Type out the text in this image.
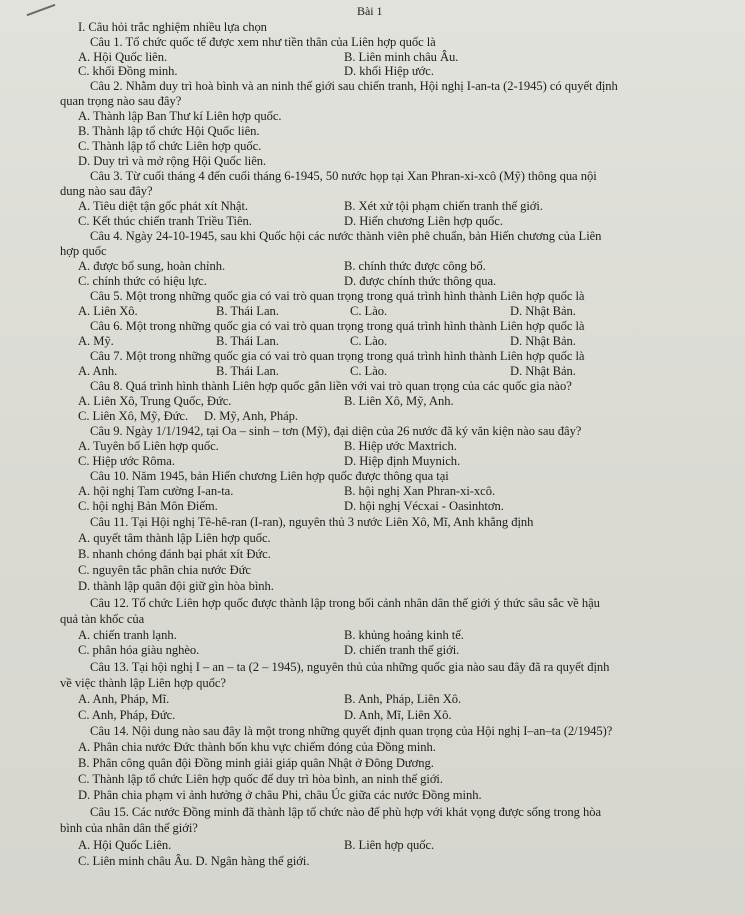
Bài 1
I. Câu hỏi trắc nghiệm nhiều lựa chọn
Câu 1. Tổ chức quốc tế được xem như tiền thân của Liên hợp quốc là
A. Hội Quốc liên.	B. Liên minh châu Âu.
C. khối Đồng minh.	D. khối Hiệp ước.
Câu 2. Nhằm duy trì hoà bình và an ninh thế giới sau chiến tranh, Hội nghị I-an-ta (2-1945) có quyết định
quan trọng nào sau đây?
A. Thành lập Ban Thư kí Liên hợp quốc.
B. Thành lập tổ chức Hội Quốc liên.
C. Thành lập tổ chức Liên hợp quốc.
D. Duy trì và mở rộng Hội Quốc liên.
Câu 3. Từ cuối tháng 4 đến cuối tháng 6-1945, 50 nước họp tại Xan Phran-xi-xcô (Mỹ) thông qua nội
dung nào sau đây?
A. Tiêu diệt tận gốc phát xít Nhật.	B. Xét xử tội phạm chiến tranh thế giới.
C. Kết thúc chiến tranh Triều Tiên.	D. Hiến chương Liên hợp quốc.
Câu 4. Ngày 24-10-1945, sau khi Quốc hội các nước thành viên phê chuẩn, bản Hiến chương của Liên
hợp quốc
A. được bổ sung, hoàn chỉnh.	B. chính thức được công bố.
C. chính thức có hiệu lực.	D. được chính thức thông qua.
Câu 5. Một trong những quốc gia có vai trò quan trọng trong quá trình hình thành Liên hợp quốc là
A. Liên Xô.	B. Thái Lan.	C. Lào.	D. Nhật Bản.
Câu 6. Một trong những quốc gia có vai trò quan trọng trong quá trình hình thành Liên hợp quốc là
A. Mỹ.	B. Thái Lan.	C. Lào.	D. Nhật Bản.
Câu 7. Một trong những quốc gia có vai trò quan trọng trong quá trình hình thành Liên hợp quốc là
A. Anh.	B. Thái Lan.	C. Lào.	D. Nhật Bản.
Câu 8. Quá trình hình thành Liên hợp quốc gắn liền với vai trò quan trọng của các quốc gia nào?
A. Liên Xô, Trung Quốc, Đức.	B. Liên Xô, Mỹ, Anh.
C. Liên Xô, Mỹ, Đức. D. Mỹ, Anh, Pháp.
Câu 9. Ngày 1/1/1942, tại Oa – sinh – tơn (Mỹ), đại diện của 26 nước đã ký văn kiện nào sau đây?
A. Tuyên bố Liên hợp quốc.	B. Hiệp ước Maxtrich.
C. Hiệp ước Rôma.	D. Hiệp định Muynich.
Câu 10. Năm 1945, bản Hiến chương Liên hợp quốc được thông qua tại
A. hội nghị Tam cường I-an-ta.	B. hội nghị Xan Phran-xi-xcô.
C. hội nghị Bản Môn Điếm.	D. hội nghị Vécxai - Oasinhtơn.
Câu 11. Tại Hội nghị Tê-hê-ran (I-ran), nguyên thủ 3 nước Liên Xô, Mĩ, Anh khẳng định
A. quyết tâm thành lập Liên hợp quốc.
B. nhanh chóng đánh bại phát xít Đức.
C. nguyên tắc phân chia nước Đức
D. thành lập quân đội giữ gìn hòa bình.
Câu 12. Tổ chức Liên hợp quốc được thành lập trong bối cảnh nhân dân thế giới ý thức sâu sắc về hậu
quả tàn khốc của
A. chiến tranh lạnh.	B. khủng hoảng kinh tế.
C. phân hóa giàu nghèo.	D. chiến tranh thế giới.
Câu 13. Tại hội nghị I – an – ta (2 – 1945), nguyên thủ của những quốc gia nào sau đây đã ra quyết định
về việc thành lập Liên hợp quốc?
A. Anh, Pháp, Mĩ.	B. Anh, Pháp, Liên Xô.
C. Anh, Pháp, Đức.	D. Anh, Mĩ, Liên Xô.
Câu 14. Nội dung nào sau đây là một trong những quyết định quan trọng của Hội nghị I–an–ta (2/1945)?
A. Phân chia nước Đức thành bốn khu vực chiếm đóng của Đồng minh.
B. Phân công quân đội Đồng minh giải giáp quân Nhật ở Đông Dương.
C. Thành lập tổ chức Liên hợp quốc để duy trì hòa bình, an ninh thế giới.
D. Phân chia phạm vi ảnh hưởng ở châu Phi, châu Úc giữa các nước Đồng minh.
Câu 15. Các nước Đồng minh đã thành lập tổ chức nào để phù hợp với khát vọng được sống trong hòa
bình của nhân dân thế giới?
A. Hội Quốc Liên.	B. Liên hợp quốc.
C. Liên minh châu Âu. D. Ngân hàng thế giới.
